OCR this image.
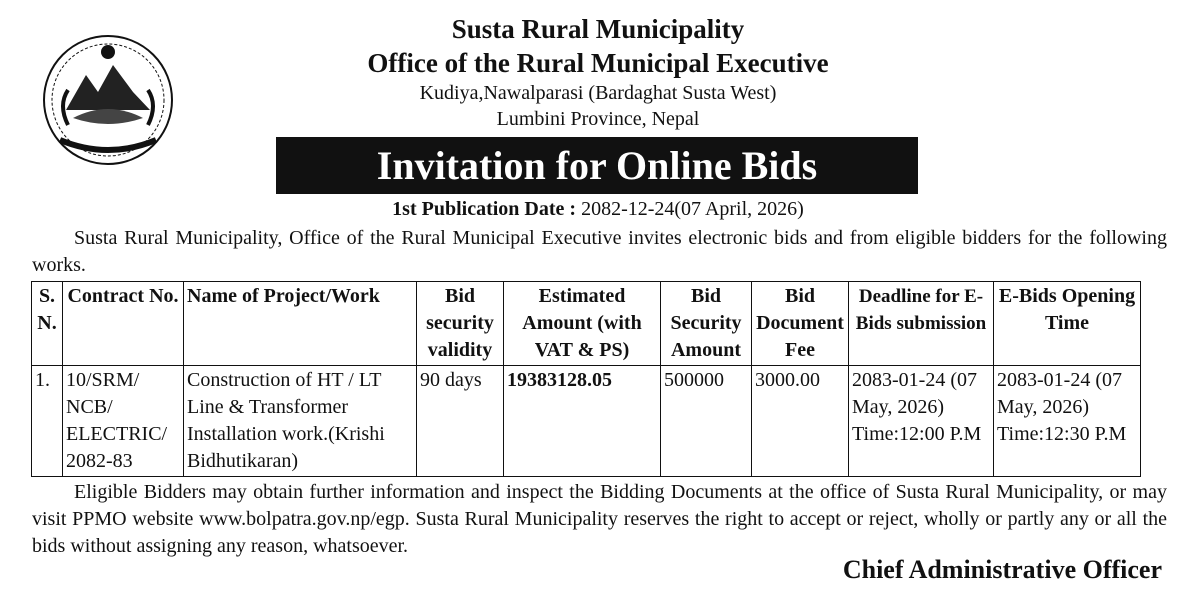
Susta Rural Municipality
Office of the Rural Municipal Executive
Kudiya,Nawalparasi (Bardaghat Susta West)
Lumbini Province, Nepal
Invitation for Online Bids
1st Publication Date : 2082-12-24(07 April, 2026)
Susta Rural Municipality, Office of the Rural Municipal Executive invites electronic bids and from eligible bidders for the following works.
S. N.	Contract No.	Name of Project/Work	Bid security validity	Estimated Amount (with VAT & PS)	Bid Security Amount	Bid Document Fee	Deadline for E-Bids submission	E-Bids Opening Time
1.	10/SRM/ NCB/ ELECTRIC/ 2082-83	Construction of HT / LT Line & Transformer Installation work.(Krishi Bidhutikaran)	90 days	19383128.05	500000	3000.00	2083-01-24 (07 May, 2026) Time:12:00 P.M	2083-01-24 (07 May, 2026) Time:12:30 P.M
Eligible Bidders may obtain further information and inspect the Bidding Documents at the office of Susta Rural Municipality, or may visit PPMO website www.bolpatra.gov.np/egp. Susta Rural Municipality reserves the right to accept or reject, wholly or partly any or all the bids without assigning any reason, whatsoever.
Chief Administrative Officer
